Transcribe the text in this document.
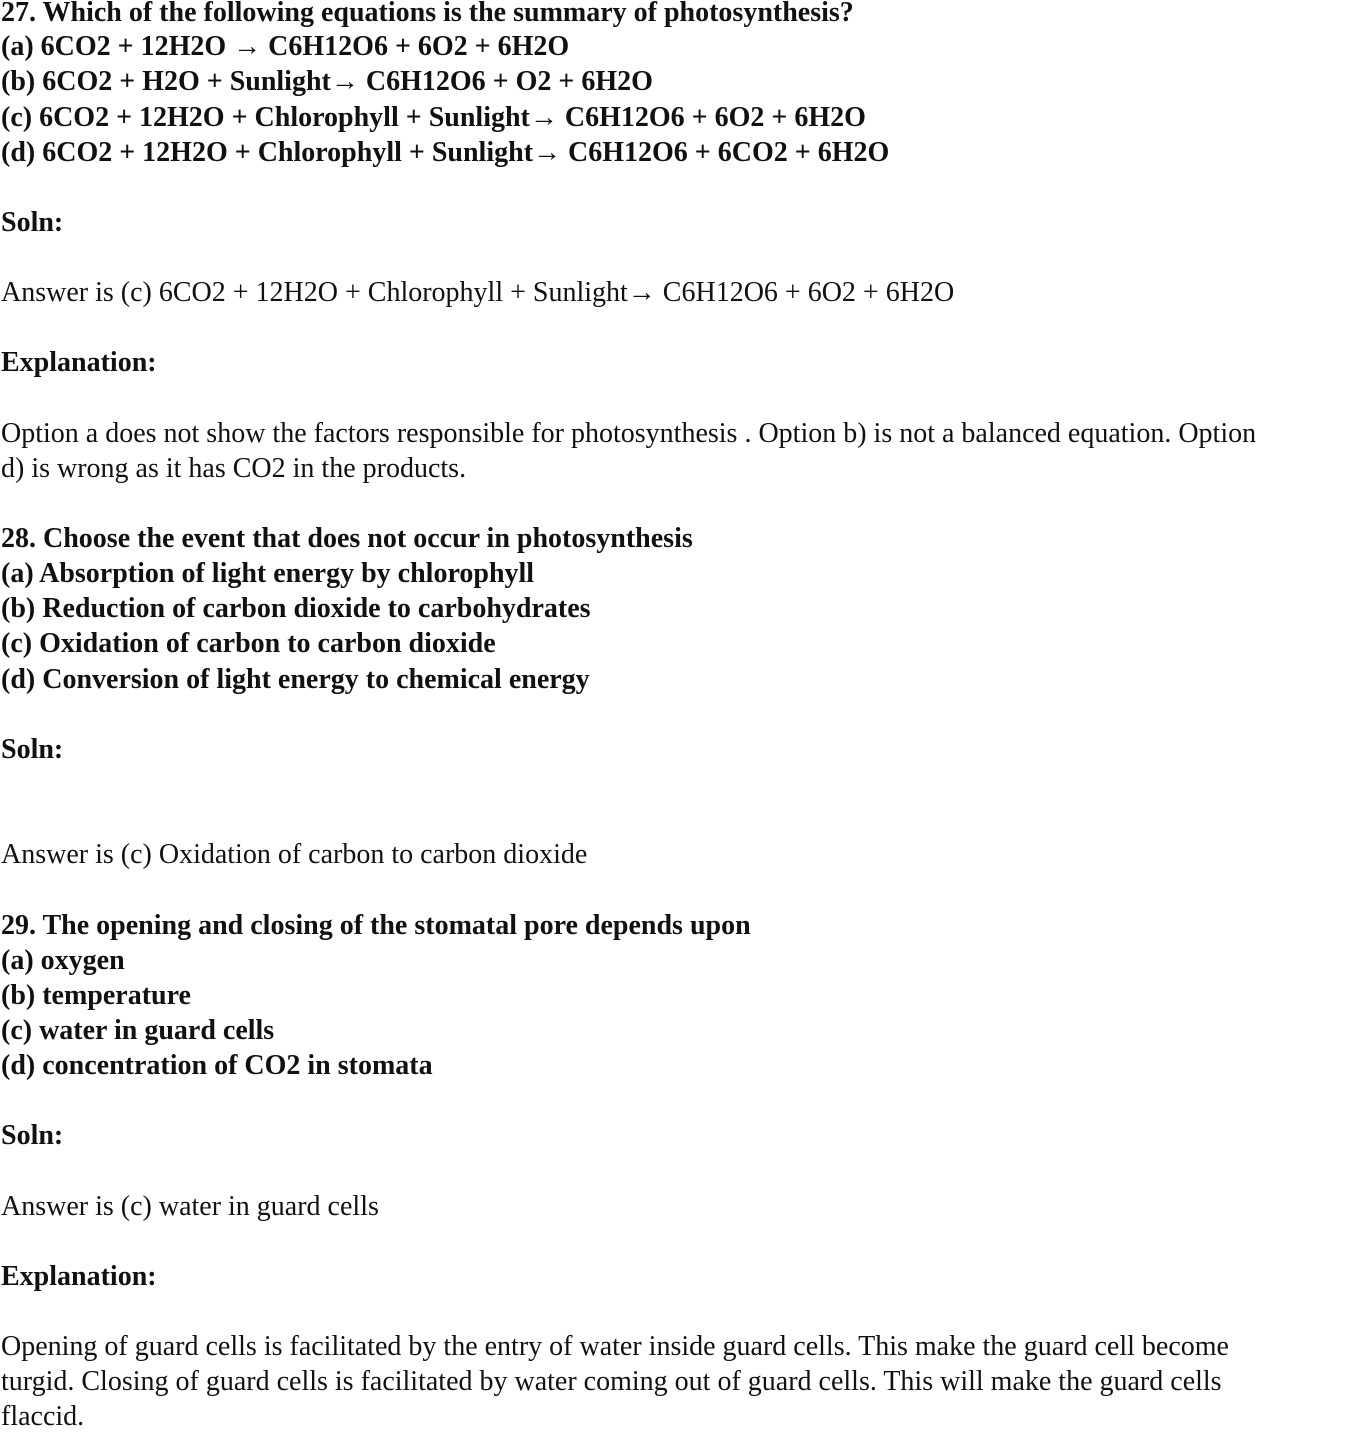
27. Which of the following equations is the summary of photosynthesis?
(a) 6CO2 + 12H2O → C6H12O6 + 6O2 + 6H2O
(b) 6CO2 + H2O + Sunlight→ C6H12O6 + O2 + 6H2O
(c) 6CO2 + 12H2O + Chlorophyll + Sunlight→ C6H12O6 + 6O2 + 6H2O
(d) 6CO2 + 12H2O + Chlorophyll + Sunlight→ C6H12O6 + 6CO2 + 6H2O
Soln:
Answer is (c) 6CO2 + 12H2O + Chlorophyll + Sunlight→ C6H12O6 + 6O2 + 6H2O
Explanation:
Option a does not show the factors responsible for photosynthesis . Option b) is not a balanced equation. Option
d) is wrong as it has CO2 in the products.
28. Choose the event that does not occur in photosynthesis
(a) Absorption of light energy by chlorophyll
(b) Reduction of carbon dioxide to carbohydrates
(c) Oxidation of carbon to carbon dioxide
(d) Conversion of light energy to chemical energy
Soln:
Answer is (c) Oxidation of carbon to carbon dioxide
29. The opening and closing of the stomatal pore depends upon
(a) oxygen
(b) temperature
(c) water in guard cells
(d) concentration of CO2 in stomata
Soln:
Answer is (c) water in guard cells
Explanation:
Opening of guard cells is facilitated by the entry of water inside guard cells. This make the guard cell become
turgid. Closing of guard cells is facilitated by water coming out of guard cells. This will make the guard cells
flaccid.
